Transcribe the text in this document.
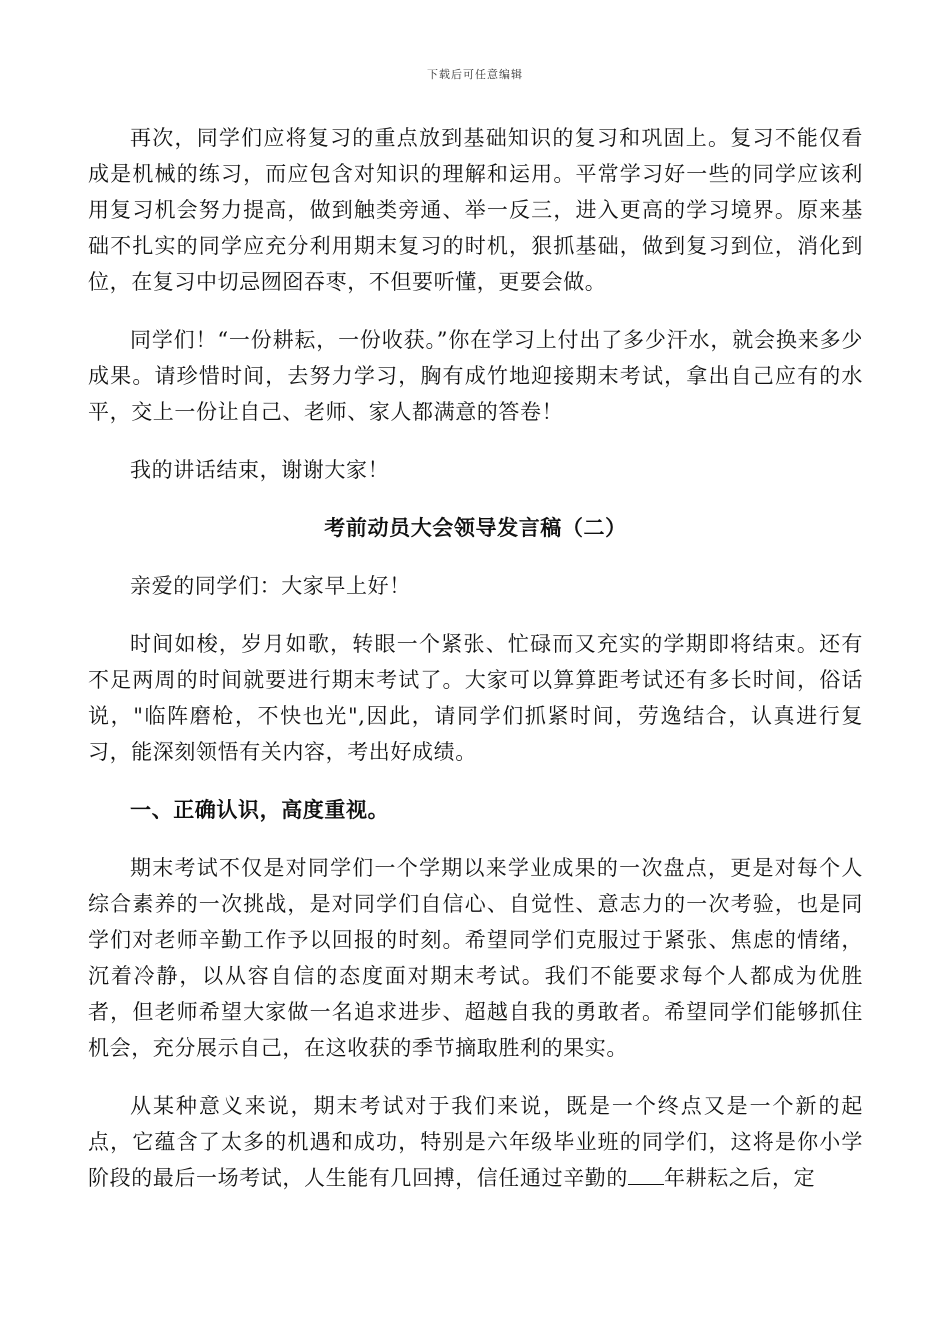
下载后可任意编辑

再次，同学们应将复习的重点放到基础知识的复习和巩固上。复习不能仅看成是机械的练习，而应包含对知识的理解和运用。平常学习好一些的同学应该利用复习机会努力提高，做到触类旁通、举一反三，进入更高的学习境界。原来基础不扎实的同学应充分利用期末复习的时机，狠抓基础，做到复习到位，消化到位，在复习中切忌囫囵吞枣，不但要听懂，更要会做。

同学们！“一份耕耘，一份收获。”你在学习上付出了多少汗水，就会换来多少成果。请珍惜时间，去努力学习，胸有成竹地迎接期末考试，拿出自己应有的水平，交上一份让自己、老师、家人都满意的答卷！

我的讲话结束，谢谢大家！

考前动员大会领导发言稿（二）

亲爱的同学们：大家早上好！

时间如梭，岁月如歌，转眼一个紧张、忙碌而又充实的学期即将结束。还有不足两周的时间就要进行期末考试了。大家可以算算距考试还有多长时间，俗话说，"临阵磨枪，不快也光",因此，请同学们抓紧时间，劳逸结合，认真进行复习，能深刻领悟有关内容，考出好成绩。

一、正确认识，高度重视。

期末考试不仅是对同学们一个学期以来学业成果的一次盘点，更是对每个人综合素养的一次挑战，是对同学们自信心、自觉性、意志力的一次考验，也是同学们对老师辛勤工作予以回报的时刻。希望同学们克服过于紧张、焦虑的情绪，沉着冷静，以从容自信的态度面对期末考试。我们不能要求每个人都成为优胜者，但老师希望大家做一名追求进步、超越自我的勇敢者。希望同学们能够抓住机会，充分展示自己，在这收获的季节摘取胜利的果实。

从某种意义来说，期末考试对于我们来说，既是一个终点又是一个新的起点，它蕴含了太多的机遇和成功，特别是六年级毕业班的同学们，这将是你小学阶段的最后一场考试，人生能有几回搏，信任通过辛勤的 年耕耘之后，定
